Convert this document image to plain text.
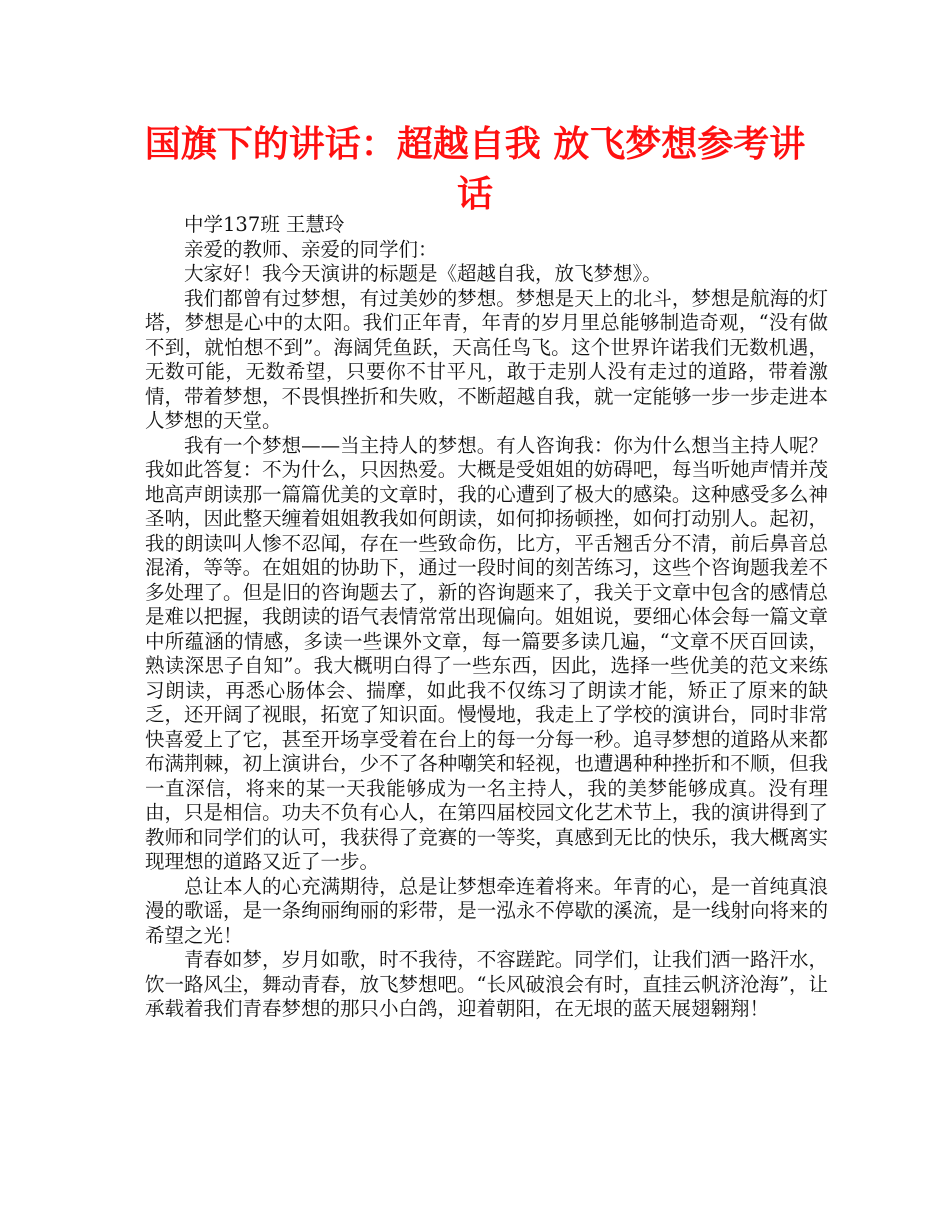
国旗下的讲话：超越自我 放飞梦想参考讲话

中学137班 王慧玲

亲爱的教师、亲爱的同学们：

大家好！我今天演讲的标题是《超越自我，放飞梦想》。

我们都曾有过梦想，有过美妙的梦想。梦想是天上的北斗，梦想是航海的灯塔，梦想是心中的太阳。我们正年青，年青的岁月里总能够制造奇观，“没有做不到，就怕想不到”。海阔凭鱼跃，天高任鸟飞。这个世界许诺我们无数机遇，无数可能，无数希望，只要你不甘平凡，敢于走别人没有走过的道路，带着激情，带着梦想，不畏惧挫折和失败，不断超越自我，就一定能够一步一步走进本人梦想的天堂。

我有一个梦想——当主持人的梦想。有人咨询我：你为什么想当主持人呢？我如此答复：不为什么，只因热爱。大概是受姐姐的妨碍吧，每当听她声情并茂地高声朗读那一篇篇优美的文章时，我的心遭到了极大的感染。这种感受多么神圣呐，因此整天缠着姐姐教我如何朗读，如何抑扬顿挫，如何打动别人。起初，我的朗读叫人惨不忍闻，存在一些致命伤，比方，平舌翘舌分不清，前后鼻音总混淆，等等。在姐姐的协助下，通过一段时间的刻苦练习，这些个咨询题我差不多处理了。但是旧的咨询题去了，新的咨询题来了，我关于文章中包含的感情总是难以把握，我朗读的语气表情常常出现偏向。姐姐说，要细心体会每一篇文章中所蕴涵的情感，多读一些课外文章，每一篇要多读几遍，“文章不厌百回读，熟读深思子自知”。我大概明白得了一些东西，因此，选择一些优美的范文来练习朗读，再悉心肠体会、揣摩，如此我不仅练习了朗读才能，矫正了原来的缺乏，还开阔了视眼，拓宽了知识面。慢慢地，我走上了学校的演讲台，同时非常快喜爱上了它，甚至开场享受着在台上的每一分每一秒。追寻梦想的道路从来都布满荆棘，初上演讲台，少不了各种嘲笑和轻视，也遭遇种种挫折和不顺，但我一直深信，将来的某一天我能够成为一名主持人，我的美梦能够成真。没有理由，只是相信。功夫不负有心人，在第四届校园文化艺术节上，我的演讲得到了教师和同学们的认可，我获得了竞赛的一等奖，真感到无比的快乐，我大概离实现理想的道路又近了一步。

总让本人的心充满期待，总是让梦想牵连着将来。年青的心，是一首纯真浪漫的歌谣，是一条绚丽绚丽的彩带，是一泓永不停歇的溪流，是一线射向将来的希望之光！

青春如梦，岁月如歌，时不我待，不容蹉跎。同学们，让我们洒一路汗水，饮一路风尘，舞动青春，放飞梦想吧。“长风破浪会有时，直挂云帆济沧海”，让承载着我们青春梦想的那只小白鸽，迎着朝阳，在无垠的蓝天展翅翱翔！
